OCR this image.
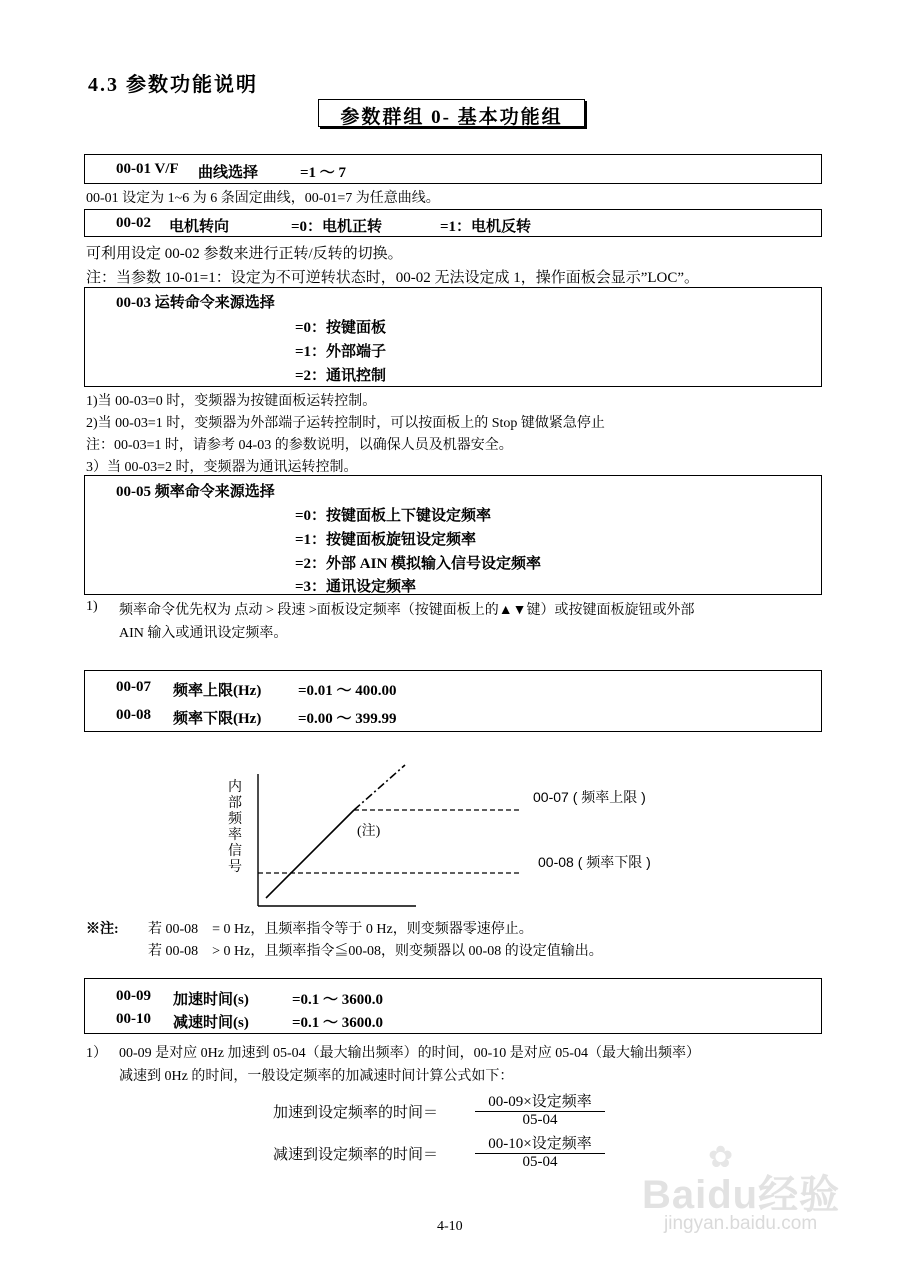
4.3 参数功能说明
参数群组 0- 基本功能组
00-01 V/F 曲线选择	=1 ～ 7
00-01 设定为 1~6 为 6 条固定曲线，00-01=7 为任意曲线。
00-02 电机转向	=0：电机正转	=1：电机反转
可利用设定 00-02 参数来进行正转/反转的切换。
注：当参数 10-01=1：设定为不可逆转状态时，00-02 无法设定成 1，操作面板会显示”LOC”。
00-03 运转命令来源选择
=0：按键面板
=1：外部端子
=2：通讯控制
1)当 00-03=0 时，变频器为按键面板运转控制。
2)当 00-03=1 时，变频器为外部端子运转控制时，可以按面板上的 Stop 键做紧急停止
注：00-03=1 时，请参考 04-03 的参数说明，以确保人员及机器安全。
3）当 00-03=2 时，变频器为通讯运转控制。
00-05 频率命令来源选择
=0：按键面板上下键设定频率
=1：按键面板旋钮设定频率
=2：外部 AIN 模拟输入信号设定频率
=3：通讯设定频率
1) 频率命令优先权为 点动 > 段速 >面板设定频率（按键面板上的▲▼键）或按键面板旋钮或外部
AIN 输入或通讯设定频率。
00-07 频率上限(Hz) =0.01 ～ 400.00
00-08 频率下限(Hz) =0.00 ～ 399.99
内
部
频
率
信
号
(注)
00-07 ( 频率上限 )
00-08 ( 频率下限 )
※注: 若 00-08　= 0 Hz，且频率指令等于 0 Hz，则变频器零速停止。
若 00-08　> 0 Hz，且频率指令≦00-08，则变频器以 00-08 的设定值输出。
00-09 加速时间(s)	=0.1 ～ 3600.0
00-10 减速时间(s)	=0.1 ～ 3600.0
1） 00-09 是对应 0Hz 加速到 05-04（最大输出频率）的时间，00-10 是对应 05-04（最大输出频率）
减速到 0Hz 的时间，一般设定频率的加减速时间计算公式如下：
加速到设定频率的时间＝
00-09×设定频率
05-04
减速到设定频率的时间＝
00-10×设定频率
05-04
4-10
Baidu经验
✿
jingyan.baidu.com
